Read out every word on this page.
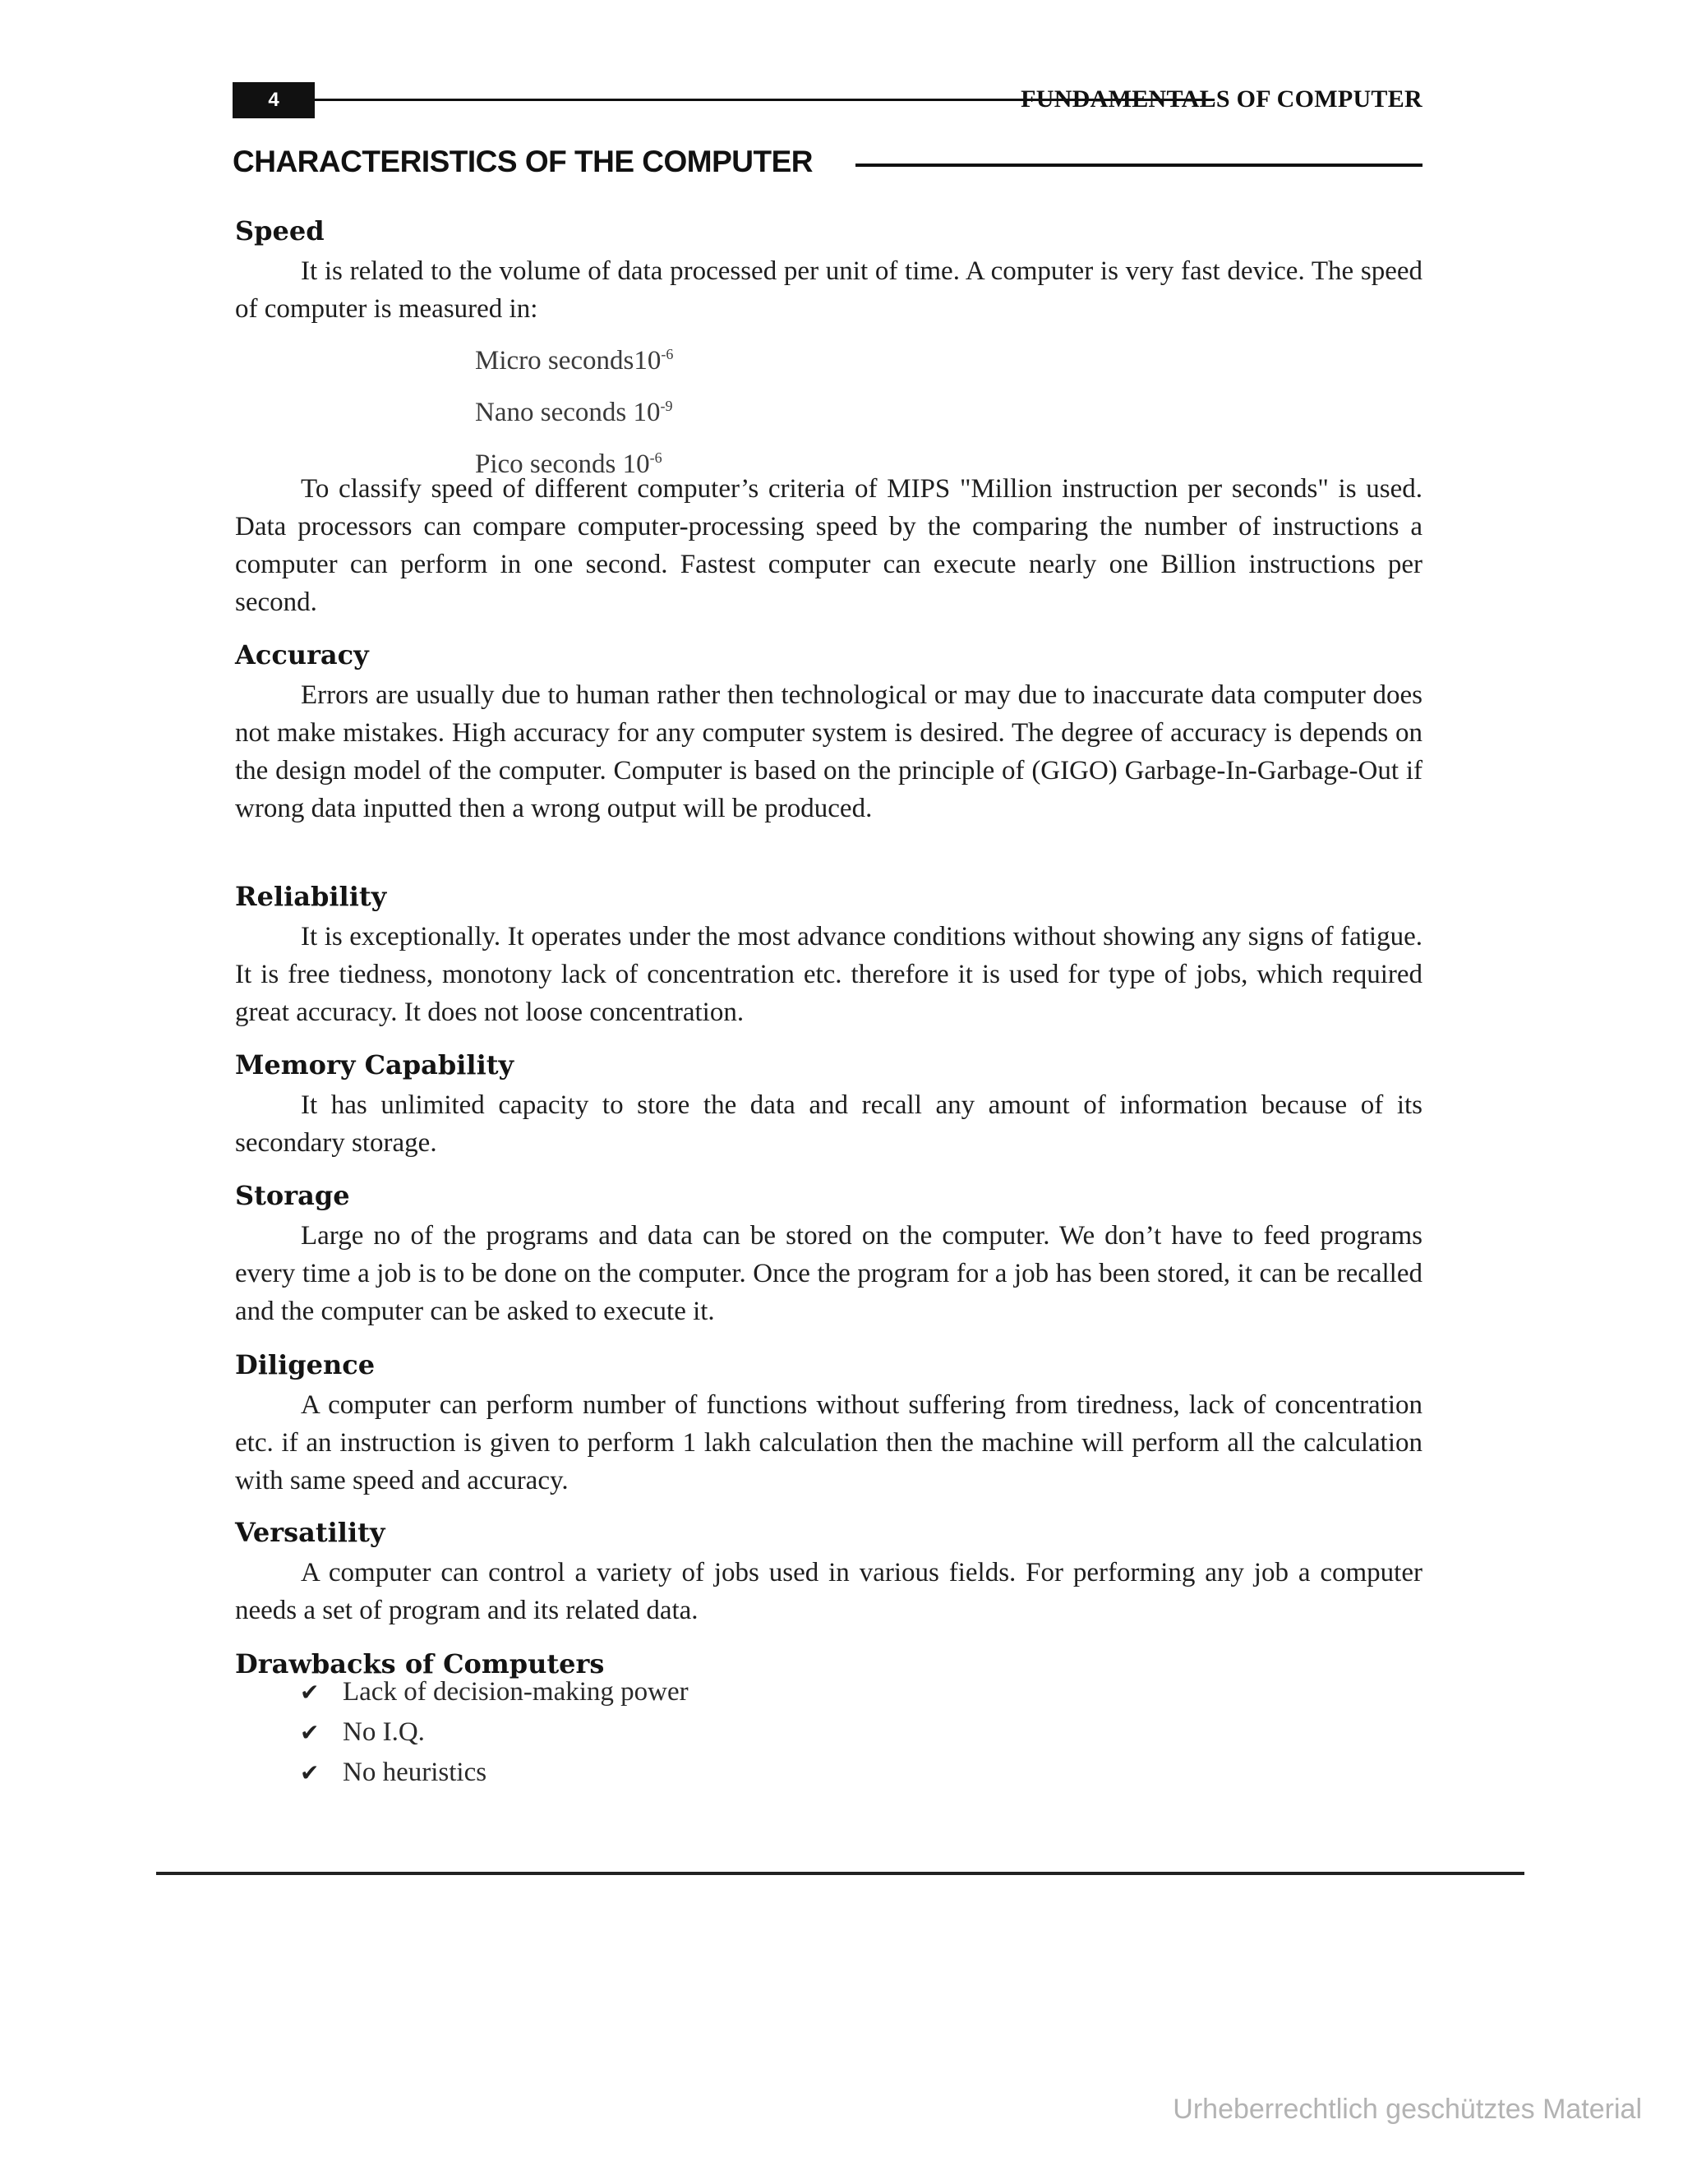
4	FUNDAMENTALS OF COMPUTER
CHARACTERISTICS OF THE COMPUTER
Speed

It is related to the volume of data processed per unit of time. A computer is very fast device. The speed of computer is measured in:

Micro $seconds10^{-6}$
Nano seconds $10^{-9}$
Pico seconds $10^{-6}$

To classify speed of different computer’s criteria of MIPS "Million instruction per seconds" is used. Data processors can compare computer-processing speed by the comparing the number of instructions a computer can perform in one second. Fastest computer can execute nearly one Billion instructions per second.

Accuracy

Errors are usually due to human rather then technological or may due to inaccurate data computer does not make mistakes. High accuracy for any computer system is desired. The degree of accuracy is depends on the design model of the computer. Computer is based on the principle of (GIGO) Garbage-In-Garbage-Out if wrong data inputted then a wrong output will be produced.

Reliability

It is exceptionally. It operates under the most advance conditions without showing any signs of fatigue. It is free tiedness, monotony lack of concentration etc. therefore it is used for type of jobs, which required great accuracy. It does not loose concentration.

Memory Capability

It has unlimited capacity to store the data and recall any amount of information because of its secondary storage.

Storage

Large no of the programs and data can be stored on the computer. We don’t have to feed programs every time a job is to be done on the computer. Once the program for a job has been stored, it can be recalled and the computer can be asked to execute it.

Diligence

A computer can perform number of functions without suffering from tiredness, lack of concentration etc. if an instruction is given to perform 1 lakh calculation then the machine will perform all the calculation with same speed and accuracy.

Versatility

A computer can control a variety of jobs used in various fields. For performing any job a computer needs a set of program and its related data.

Drawbacks of Computers
✔ Lack of decision-making power
✔ No I.Q.
✔ No heuristics
Urheberrechtlich geschütztes Material
